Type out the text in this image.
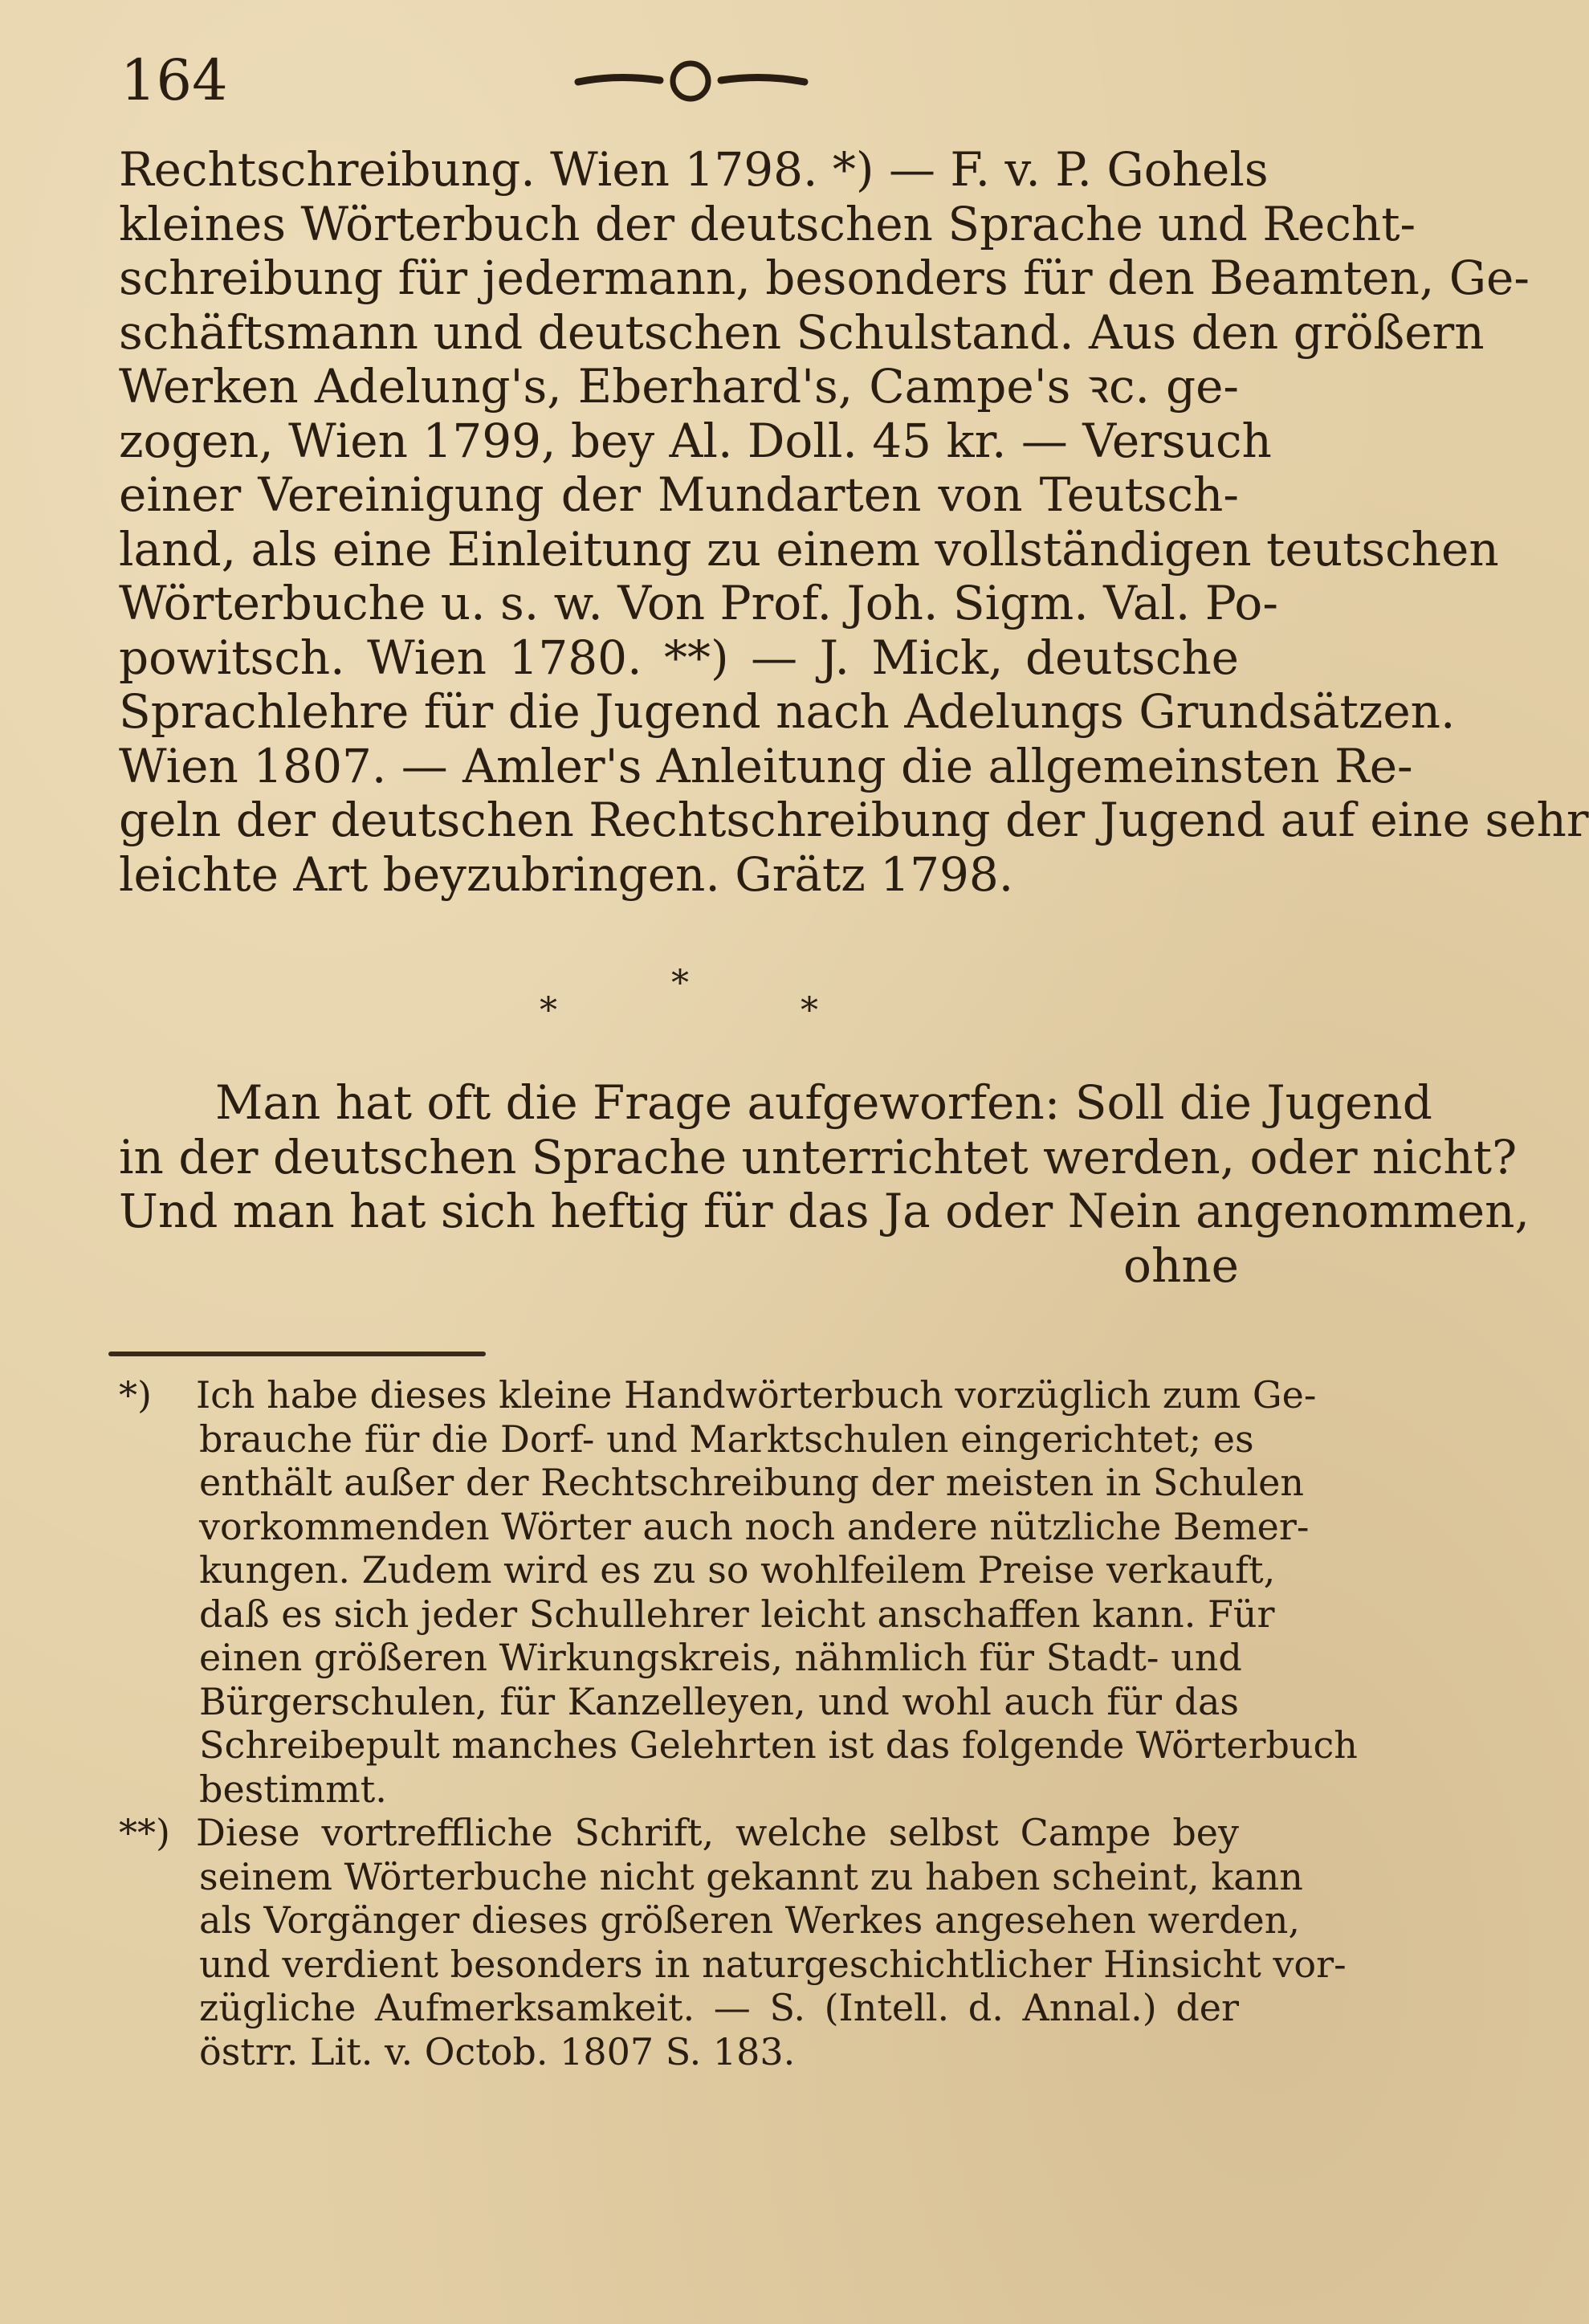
164
Rechtschreibung. Wien 1798. *) — F. v. P. Gohels
kleines Wörterbuch der deutschen Sprache und Recht-
schreibung für jedermann, besonders für den Beamten, Ge-
schäftsmann und deutschen Schulstand. Aus den größern
Werken Adelung's, Eberhard's, Campe's ꝛc. ge-
zogen, Wien 1799, bey Al. Doll. 45 kr. — Versuch
einer Vereinigung der Mundarten von Teutsch-
land, als eine Einleitung zu einem vollständigen teutschen
Wörterbuche u. s. w. Von Prof. Joh. Sigm. Val. Po-
powitsch. Wien 1780. **) — J. Mick, deutsche
Sprachlehre für die Jugend nach Adelungs Grundsätzen.
Wien 1807. — Amler's Anleitung die allgemeinsten Re-
geln der deutschen Rechtschreibung der Jugend auf eine sehr
leichte Art beyzubringen. Grätz 1798.
*
*	*
Man hat oft die Frage aufgeworfen: Soll die Jugend
in der deutschen Sprache unterrichtet werden, oder nicht?
Und man hat sich heftig für das Ja oder Nein angenommen,
ohne
*) Ich habe dieses kleine Handwörterbuch vorzüglich zum Ge-
brauche für die Dorf- und Marktschulen eingerichtet; es
enthält außer der Rechtschreibung der meisten in Schulen
vorkommenden Wörter auch noch andere nützliche Bemer-
kungen. Zudem wird es zu so wohlfeilem Preise verkauft,
daß es sich jeder Schullehrer leicht anschaffen kann. Für
einen größeren Wirkungskreis, nähmlich für Stadt- und
Bürgerschulen, für Kanzelleyen, und wohl auch für das
Schreibepult manches Gelehrten ist das folgende Wörterbuch
bestimmt.
**) Diese vortreffliche Schrift, welche selbst Campe bey
seinem Wörterbuche nicht gekannt zu haben scheint, kann
als Vorgänger dieses größeren Werkes angesehen werden,
und verdient besonders in naturgeschichtlicher Hinsicht vor-
zügliche Aufmerksamkeit. — S. (Intell. d. Annal.) der
östrr. Lit. v. Octob. 1807 S. 183.
